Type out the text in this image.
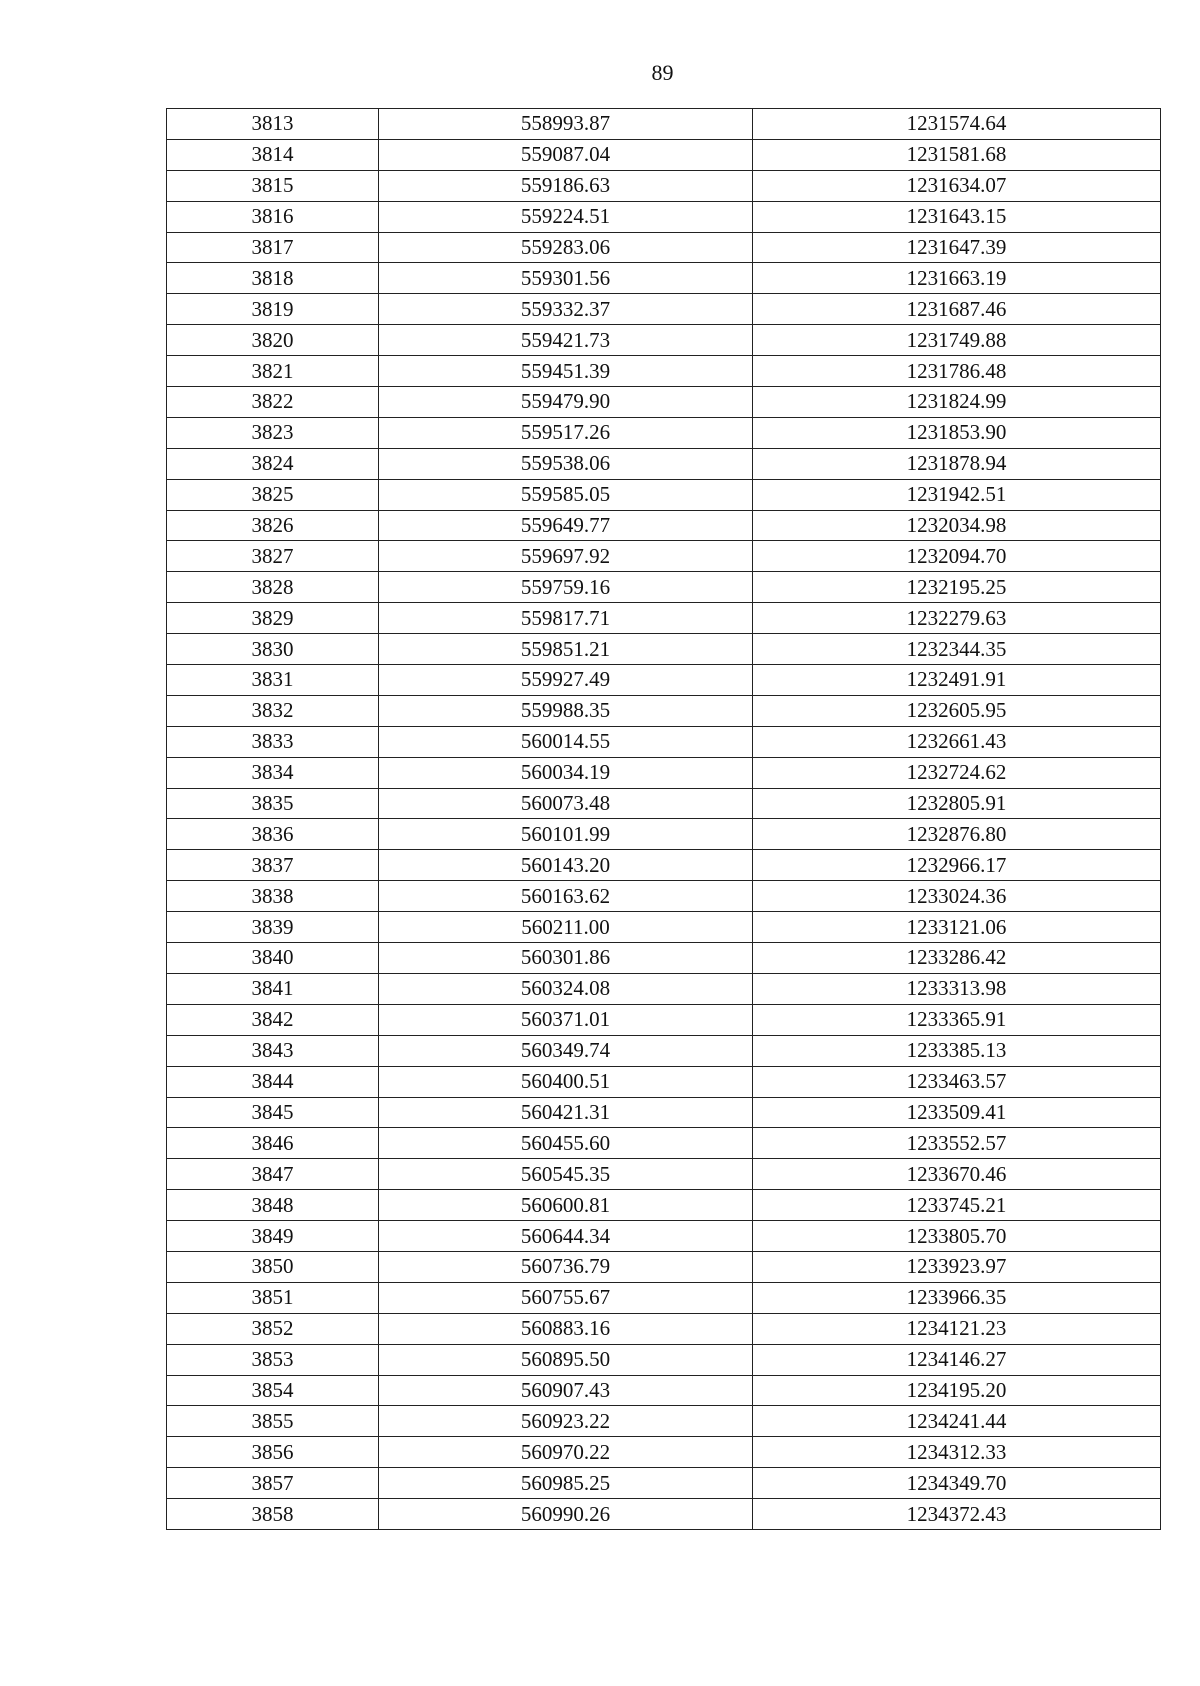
89
3813	558993.87	1231574.64
3814	559087.04	1231581.68
3815	559186.63	1231634.07
3816	559224.51	1231643.15
3817	559283.06	1231647.39
3818	559301.56	1231663.19
3819	559332.37	1231687.46
3820	559421.73	1231749.88
3821	559451.39	1231786.48
3822	559479.90	1231824.99
3823	559517.26	1231853.90
3824	559538.06	1231878.94
3825	559585.05	1231942.51
3826	559649.77	1232034.98
3827	559697.92	1232094.70
3828	559759.16	1232195.25
3829	559817.71	1232279.63
3830	559851.21	1232344.35
3831	559927.49	1232491.91
3832	559988.35	1232605.95
3833	560014.55	1232661.43
3834	560034.19	1232724.62
3835	560073.48	1232805.91
3836	560101.99	1232876.80
3837	560143.20	1232966.17
3838	560163.62	1233024.36
3839	560211.00	1233121.06
3840	560301.86	1233286.42
3841	560324.08	1233313.98
3842	560371.01	1233365.91
3843	560349.74	1233385.13
3844	560400.51	1233463.57
3845	560421.31	1233509.41
3846	560455.60	1233552.57
3847	560545.35	1233670.46
3848	560600.81	1233745.21
3849	560644.34	1233805.70
3850	560736.79	1233923.97
3851	560755.67	1233966.35
3852	560883.16	1234121.23
3853	560895.50	1234146.27
3854	560907.43	1234195.20
3855	560923.22	1234241.44
3856	560970.22	1234312.33
3857	560985.25	1234349.70
3858	560990.26	1234372.43
